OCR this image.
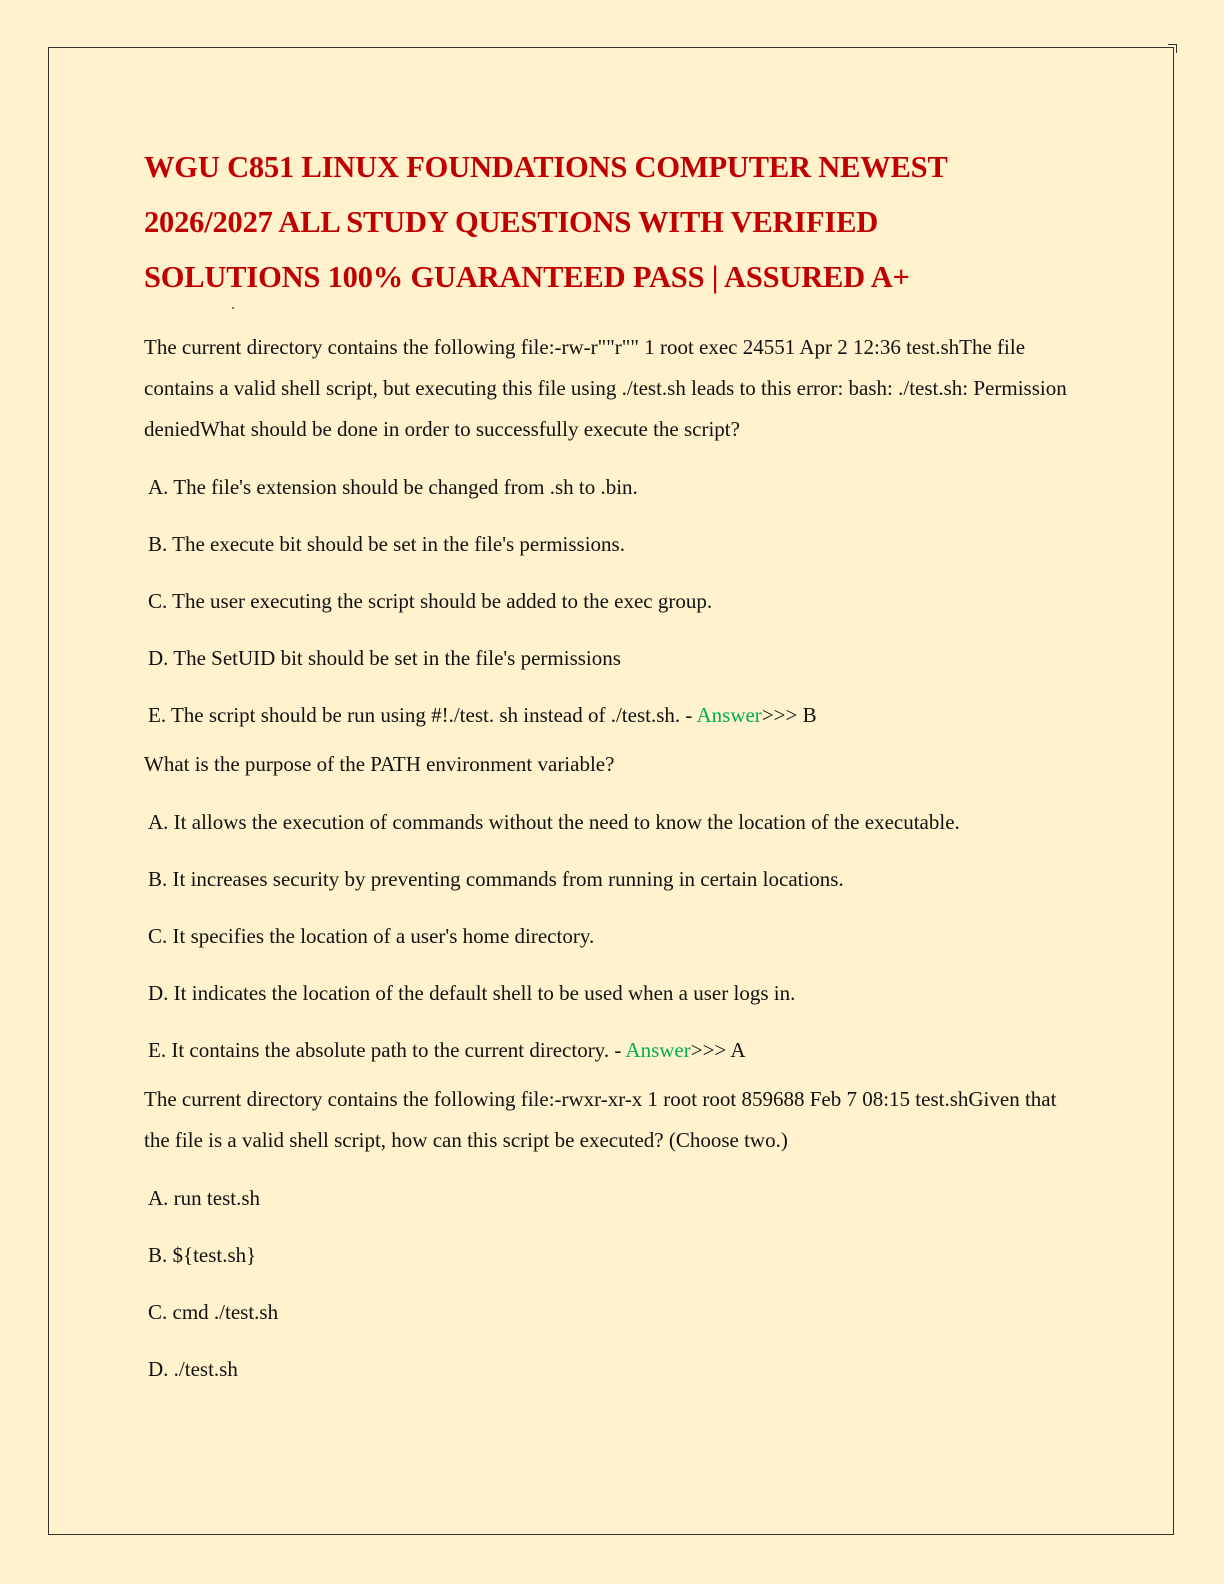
WGU C851 LINUX FOUNDATIONS COMPUTER NEWEST
2026/2027 ALL STUDY QUESTIONS WITH VERIFIED
SOLUTIONS 100% GUARANTEED PASS | ASSURED A+

The current directory contains the following file:-rw-r""r"" 1 root exec 24551 Apr 2 12:36 test.shThe file contains a valid shell script, but executing this file using ./test.sh leads to this error: bash: ./test.sh: Permission deniedWhat should be done in order to successfully execute the script?

A. The file's extension should be changed from .sh to .bin.

B. The execute bit should be set in the file's permissions.

C. The user executing the script should be added to the exec group.

D. The SetUID bit should be set in the file's permissions

E. The script should be run using #!./test. sh instead of ./test.sh. - Answer>>> B

What is the purpose of the PATH environment variable?

A. It allows the execution of commands without the need to know the location of the executable.

B. It increases security by preventing commands from running in certain locations.

C. It specifies the location of a user's home directory.

D. It indicates the location of the default shell to be used when a user logs in.

E. It contains the absolute path to the current directory. - Answer>>> A

The current directory contains the following file:-rwxr-xr-x 1 root root 859688 Feb 7 08:15 test.shGiven that the file is a valid shell script, how can this script be executed? (Choose two.)

A. run test.sh

B. ${test.sh}

C. cmd ./test.sh

D. ./test.sh
